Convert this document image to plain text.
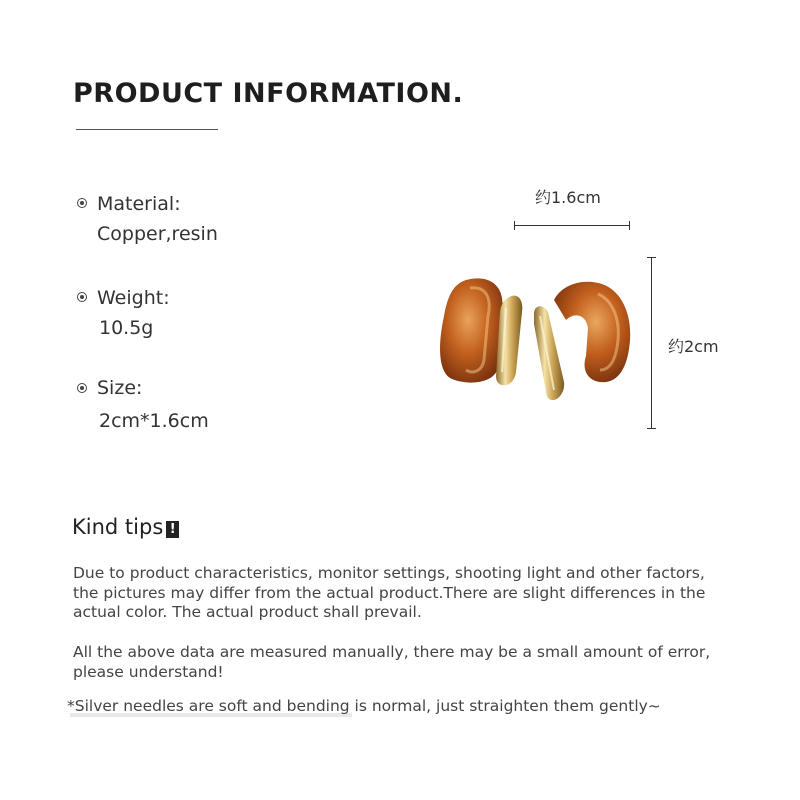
PRODUCT INFORMATION.
Material:
Copper,resin
Weight:
10.5g
Size:
2cm*1.6cm
约1.6cm
约2cm
Kind tips !
Due to product characteristics, monitor settings, shooting light and other factors, the pictures may differ from the actual product.There are slight differences in the actual color. The actual product shall prevail.
All the above data are measured manually, there may be a small amount of error, please understand!
*Silver needles are soft and bending is normal, just straighten them gently~
